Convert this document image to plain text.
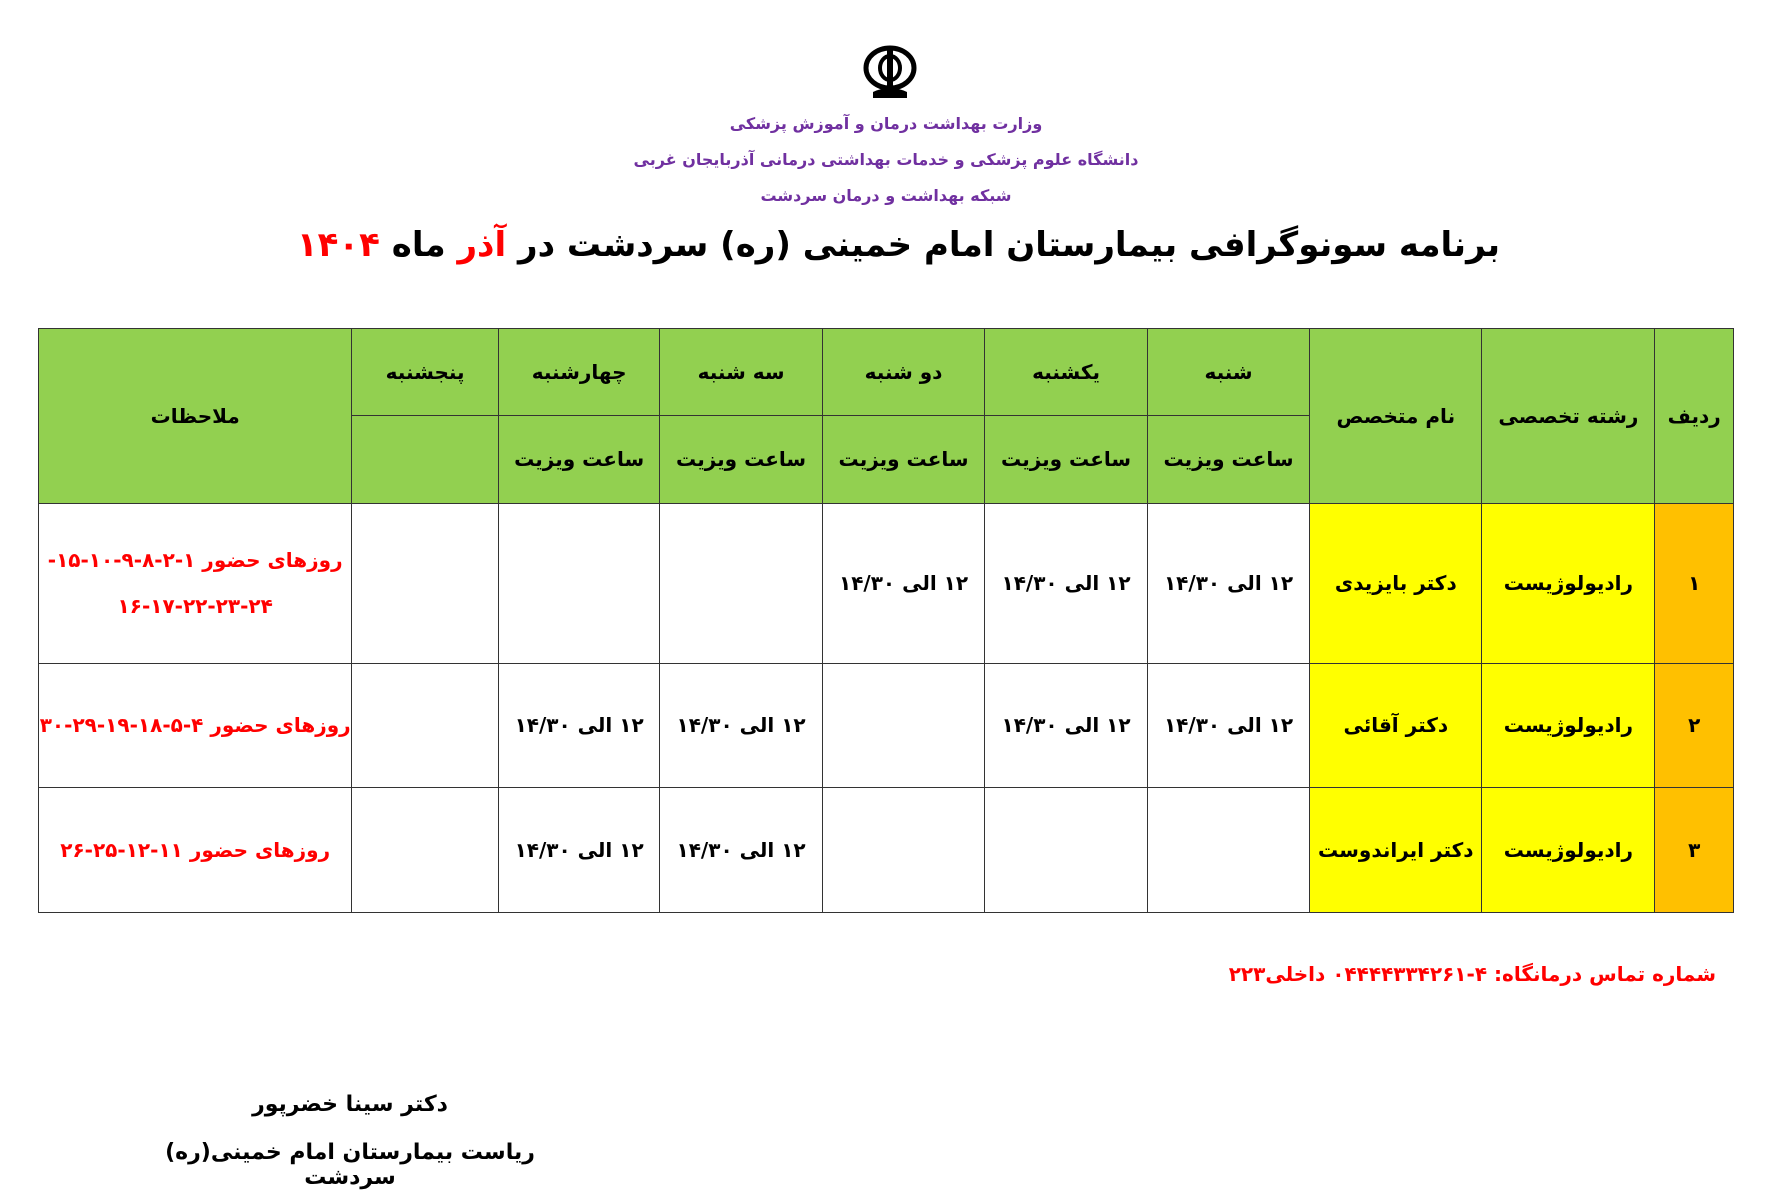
وزارت بهداشت درمان و آموزش پزشکی
دانشگاه علوم پزشکی و خدمات بهداشتی درمانی آذربایجان غربی
شبکه بهداشت و درمان سردشت
برنامه سونوگرافی بیمارستان امام خمینی (ره) سردشت در آذر ماه ۱۴۰۴
ردیف	رشته تخصصی	نام متخصص	شنبه	یکشنبه	دو شنبه	سه شنبه	چهارشنبه	پنجشنبه	ملاحظات
			ساعت ویزیت	ساعت ویزیت	ساعت ویزیت	ساعت ویزیت	ساعت ویزیت		
۱	رادیولوژیست	دکتر بایزیدی	۱۲ الی ۱۴/۳۰	۱۲ الی ۱۴/۳۰	۱۲ الی ۱۴/۳۰				روزهای حضور ۱-۲-۸-۹-۱۰-۱۵-
۱۶-۱۷-۲۲-۲۳-۲۴

۲	رادیولوژیست	دکتر آقائی	۱۲ الی ۱۴/۳۰	۱۲ الی ۱۴/۳۰		۱۲ الی ۱۴/۳۰	۱۲ الی ۱۴/۳۰		روزهای حضور ۴-۵-۱۸-۱۹-۲۹-۳۰

۳	رادیولوژیست	دکتر ایراندوست				۱۲ الی ۱۴/۳۰	۱۲ الی ۱۴/۳۰		روزهای حضور ۱۱-۱۲-۲۵-۲۶
شماره تماس درمانگاه: ۴-۰۴۴۴۴۳۳۴۲۶۱ داخلی۲۲۳
دکتر سینا خضرپور
ریاست بیمارستان امام خمینی(ره) سردشت
